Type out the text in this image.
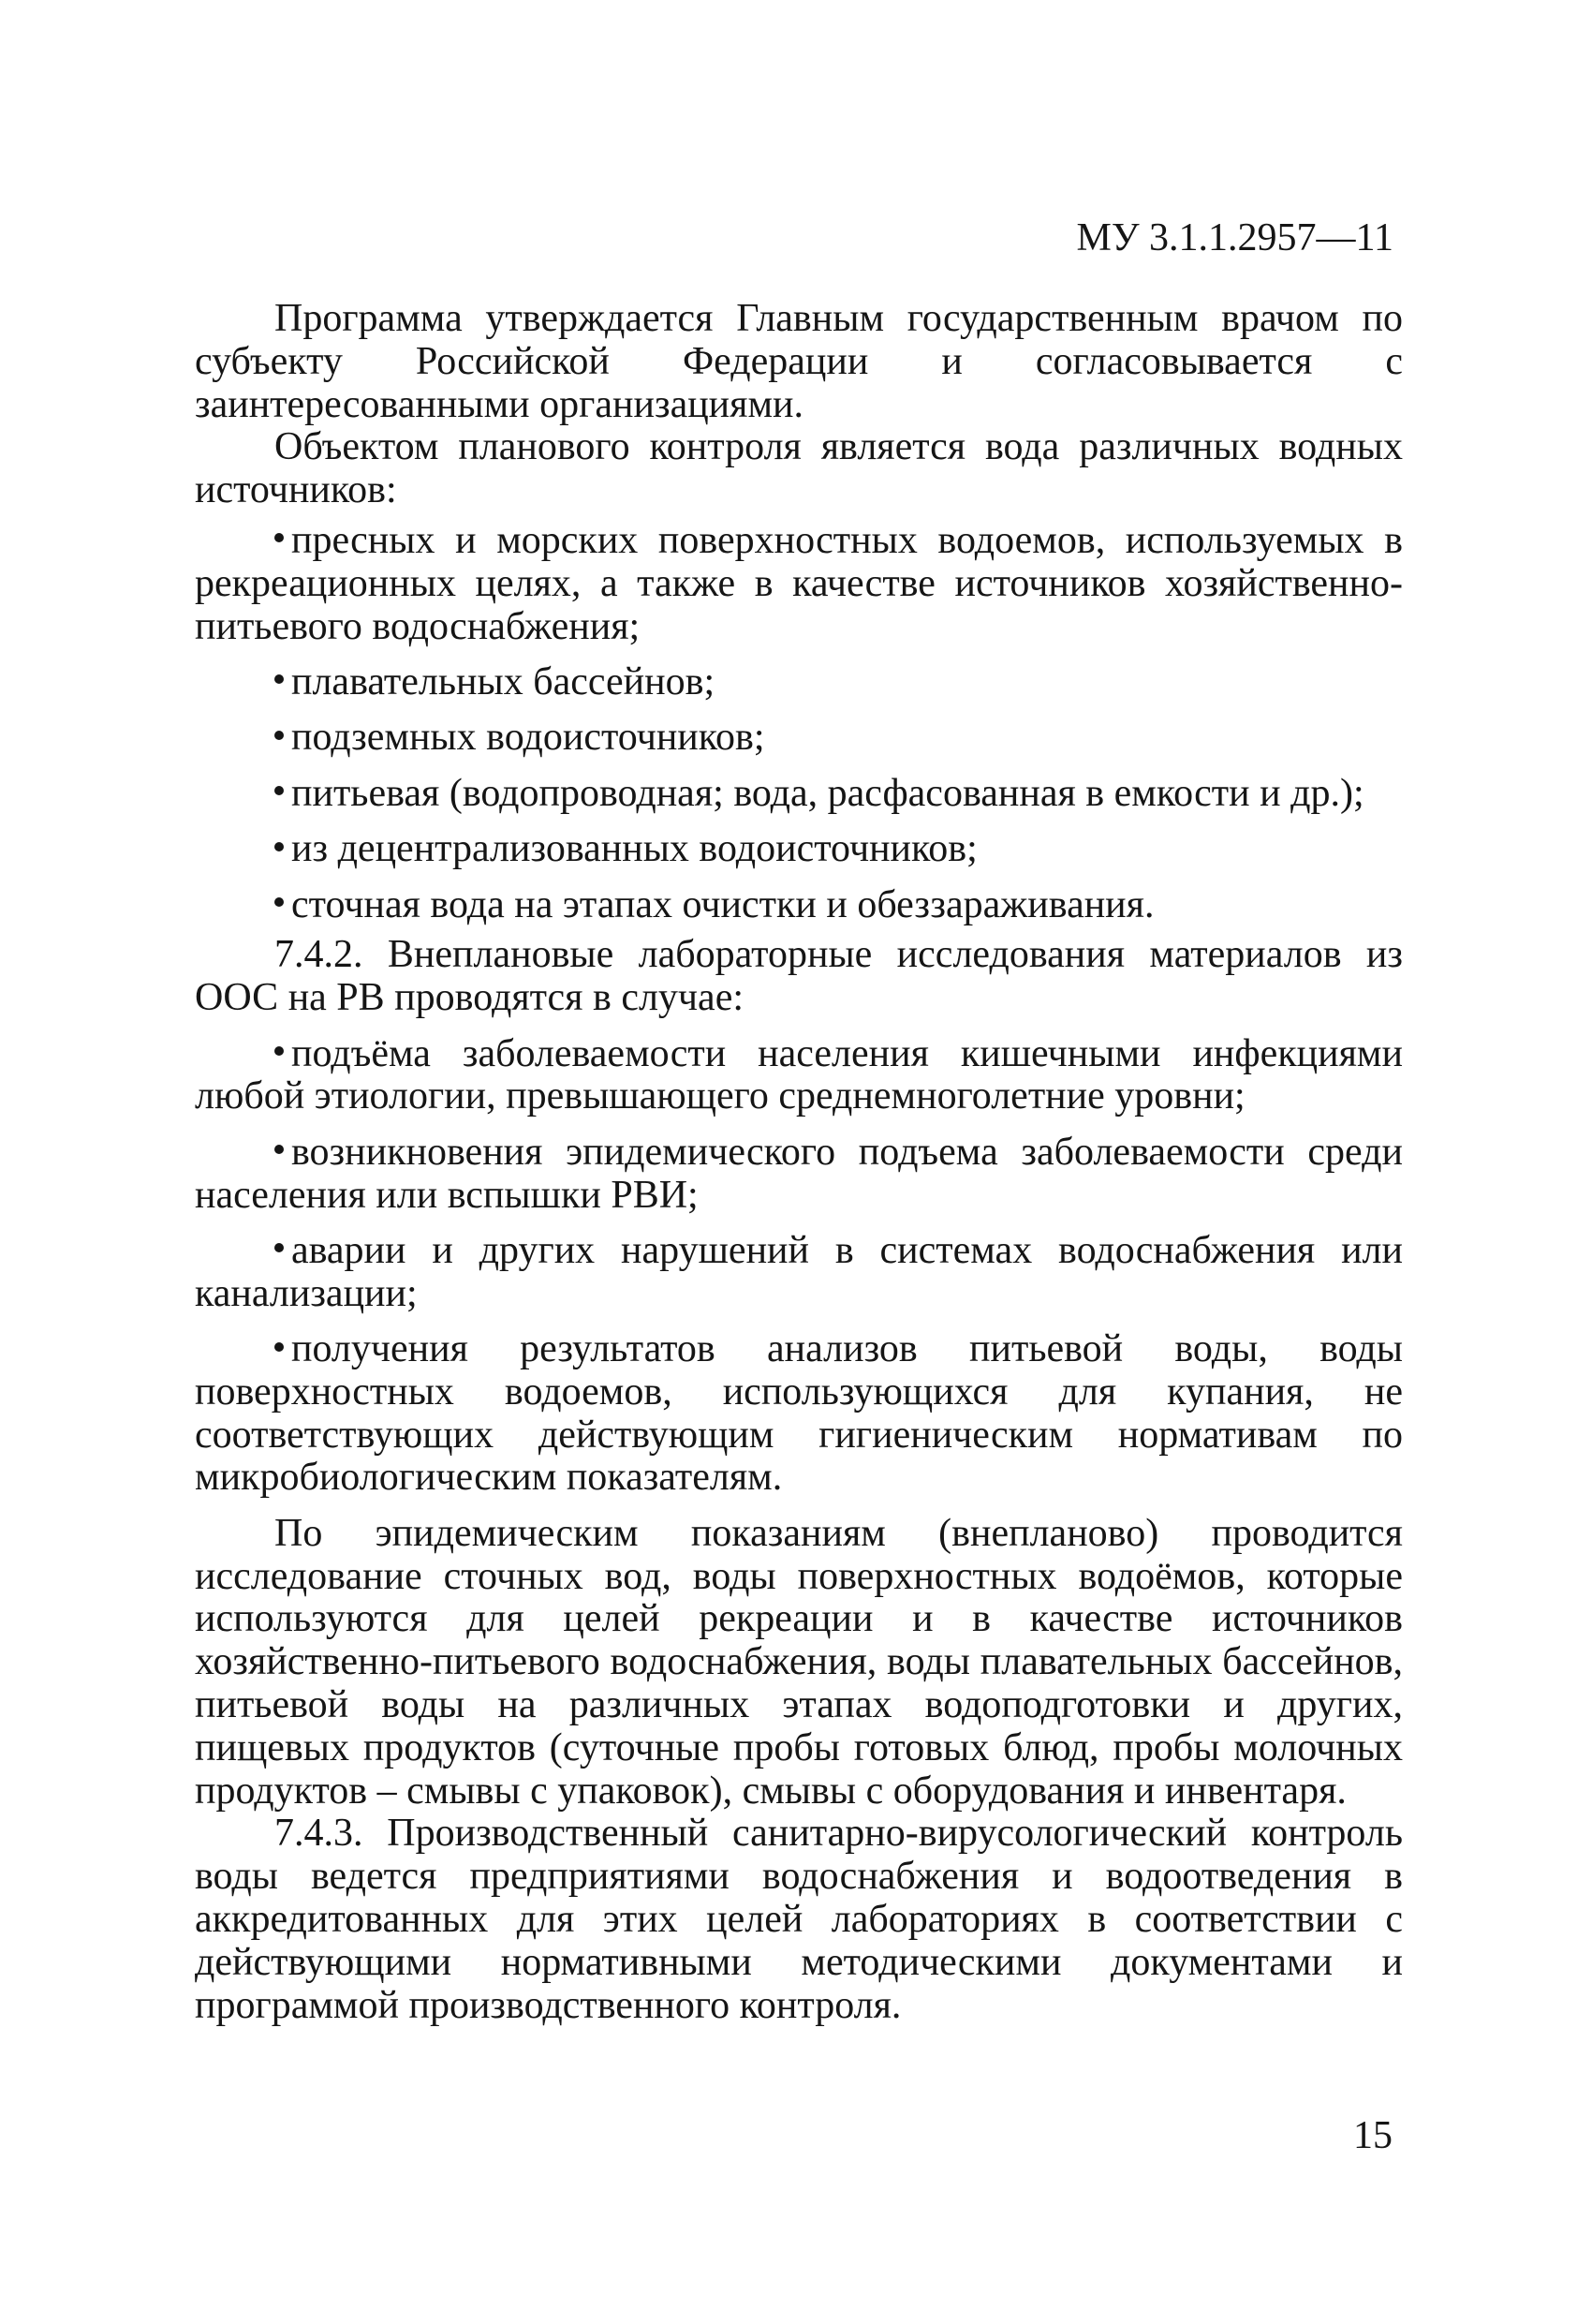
МУ 3.1.1.2957—11

Программа утверждается Главным государственным врачом по субъекту Российской Федерации и согласовывается с заинтересованными организациями.

Объектом планового контроля является вода различных водных источников:

пресных и морских поверхностных водоемов, используемых в рекреационных целях, а также в качестве источников хозяйственно-питьевого водоснабжения;

плавательных бассейнов;

подземных водоисточников;

питьевая (водопроводная; вода, расфасованная в емкости и др.);

из децентрализованных водоисточников;

сточная вода на этапах очистки и обеззараживания.

7.4.2. Внеплановые лабораторные исследования материалов из ООС на РВ проводятся в случае:

подъёма заболеваемости населения кишечными инфекциями любой этиологии, превышающего среднемноголетние уровни;

возникновения эпидемического подъема заболеваемости среди населения или вспышки РВИ;

аварии и других нарушений в системах водоснабжения или канализации;

получения результатов анализов питьевой воды, воды поверхностных водоемов, использующихся для купания, не соответствующих действующим гигиеническим нормативам по микробиологическим показателям.

По эпидемическим показаниям (внепланово) проводится исследование сточных вод, воды поверхностных водоёмов, которые используются для целей рекреации и в качестве источников хозяйственно-питьевого водоснабжения, воды плавательных бассейнов, питьевой воды на различных этапах водоподготовки и других, пищевых продуктов (суточные пробы готовых блюд, пробы молочных продуктов – смывы с упаковок), смывы с оборудования и инвентаря.

7.4.3. Производственный санитарно-вирусологический контроль воды ведется предприятиями водоснабжения и водоотведения в аккредитованных для этих целей лабораториях в соответствии с действующими нормативными методическими документами и программой производственного контроля.

15
